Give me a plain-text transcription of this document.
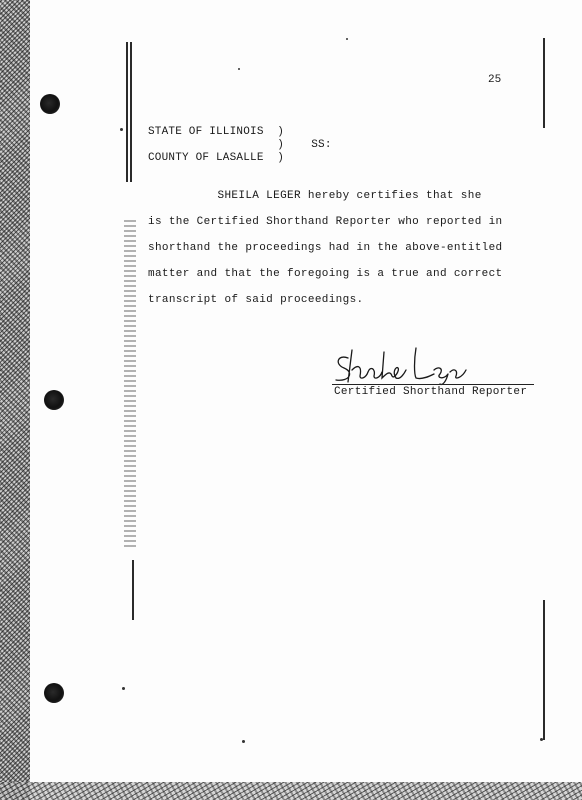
25
STATE OF ILLINOIS  )
)    SS:
COUNTY OF LASALLE  )
SHEILA LEGER hereby certifies that she
is the Certified Shorthand Reporter who reported in
shorthand the proceedings had in the above-entitled
matter and that the foregoing is a true and correct
transcript of said proceedings.
Certified Shorthand Reporter
